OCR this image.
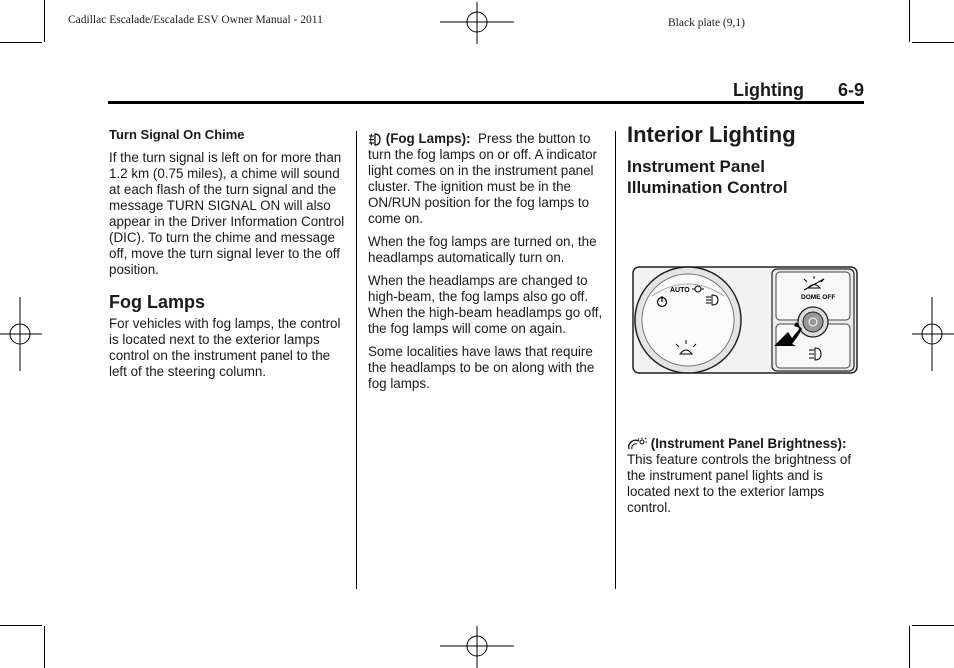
Cadillac Escalade/Escalade ESV Owner Manual - 2011	Black plate (9,1)
Lighting 6-9
Turn Signal On Chime

If the turn signal is left on for more than 1.2 km (0.75 miles), a chime will sound at each flash of the turn signal and the message TURN SIGNAL ON will also appear in the Driver Information Control (DIC). To turn the chime and message off, move the turn signal lever to the off position.

Fog Lamps

For vehicles with fog lamps, the control is located next to the exterior lamps control on the instrument panel to the left of the steering column.

(Fog Lamps): Press the button to turn the fog lamps on or off. A indicator light comes on in the instrument panel cluster. The ignition must be in the ON/RUN position for the fog lamps to come on.

When the fog lamps are turned on, the headlamps automatically turn on.

When the headlamps are changed to high-beam, the fog lamps also go off. When the high-beam headlamps go off, the fog lamps will come on again.

Some localities have laws that require the headlamps to be on along with the fog lamps.

Interior Lighting
Instrument Panel Illumination Control
AUTO
DOME OFF

(Instrument Panel Brightness):  This feature controls the brightness of the instrument panel lights and is located next to the exterior lamps control.
